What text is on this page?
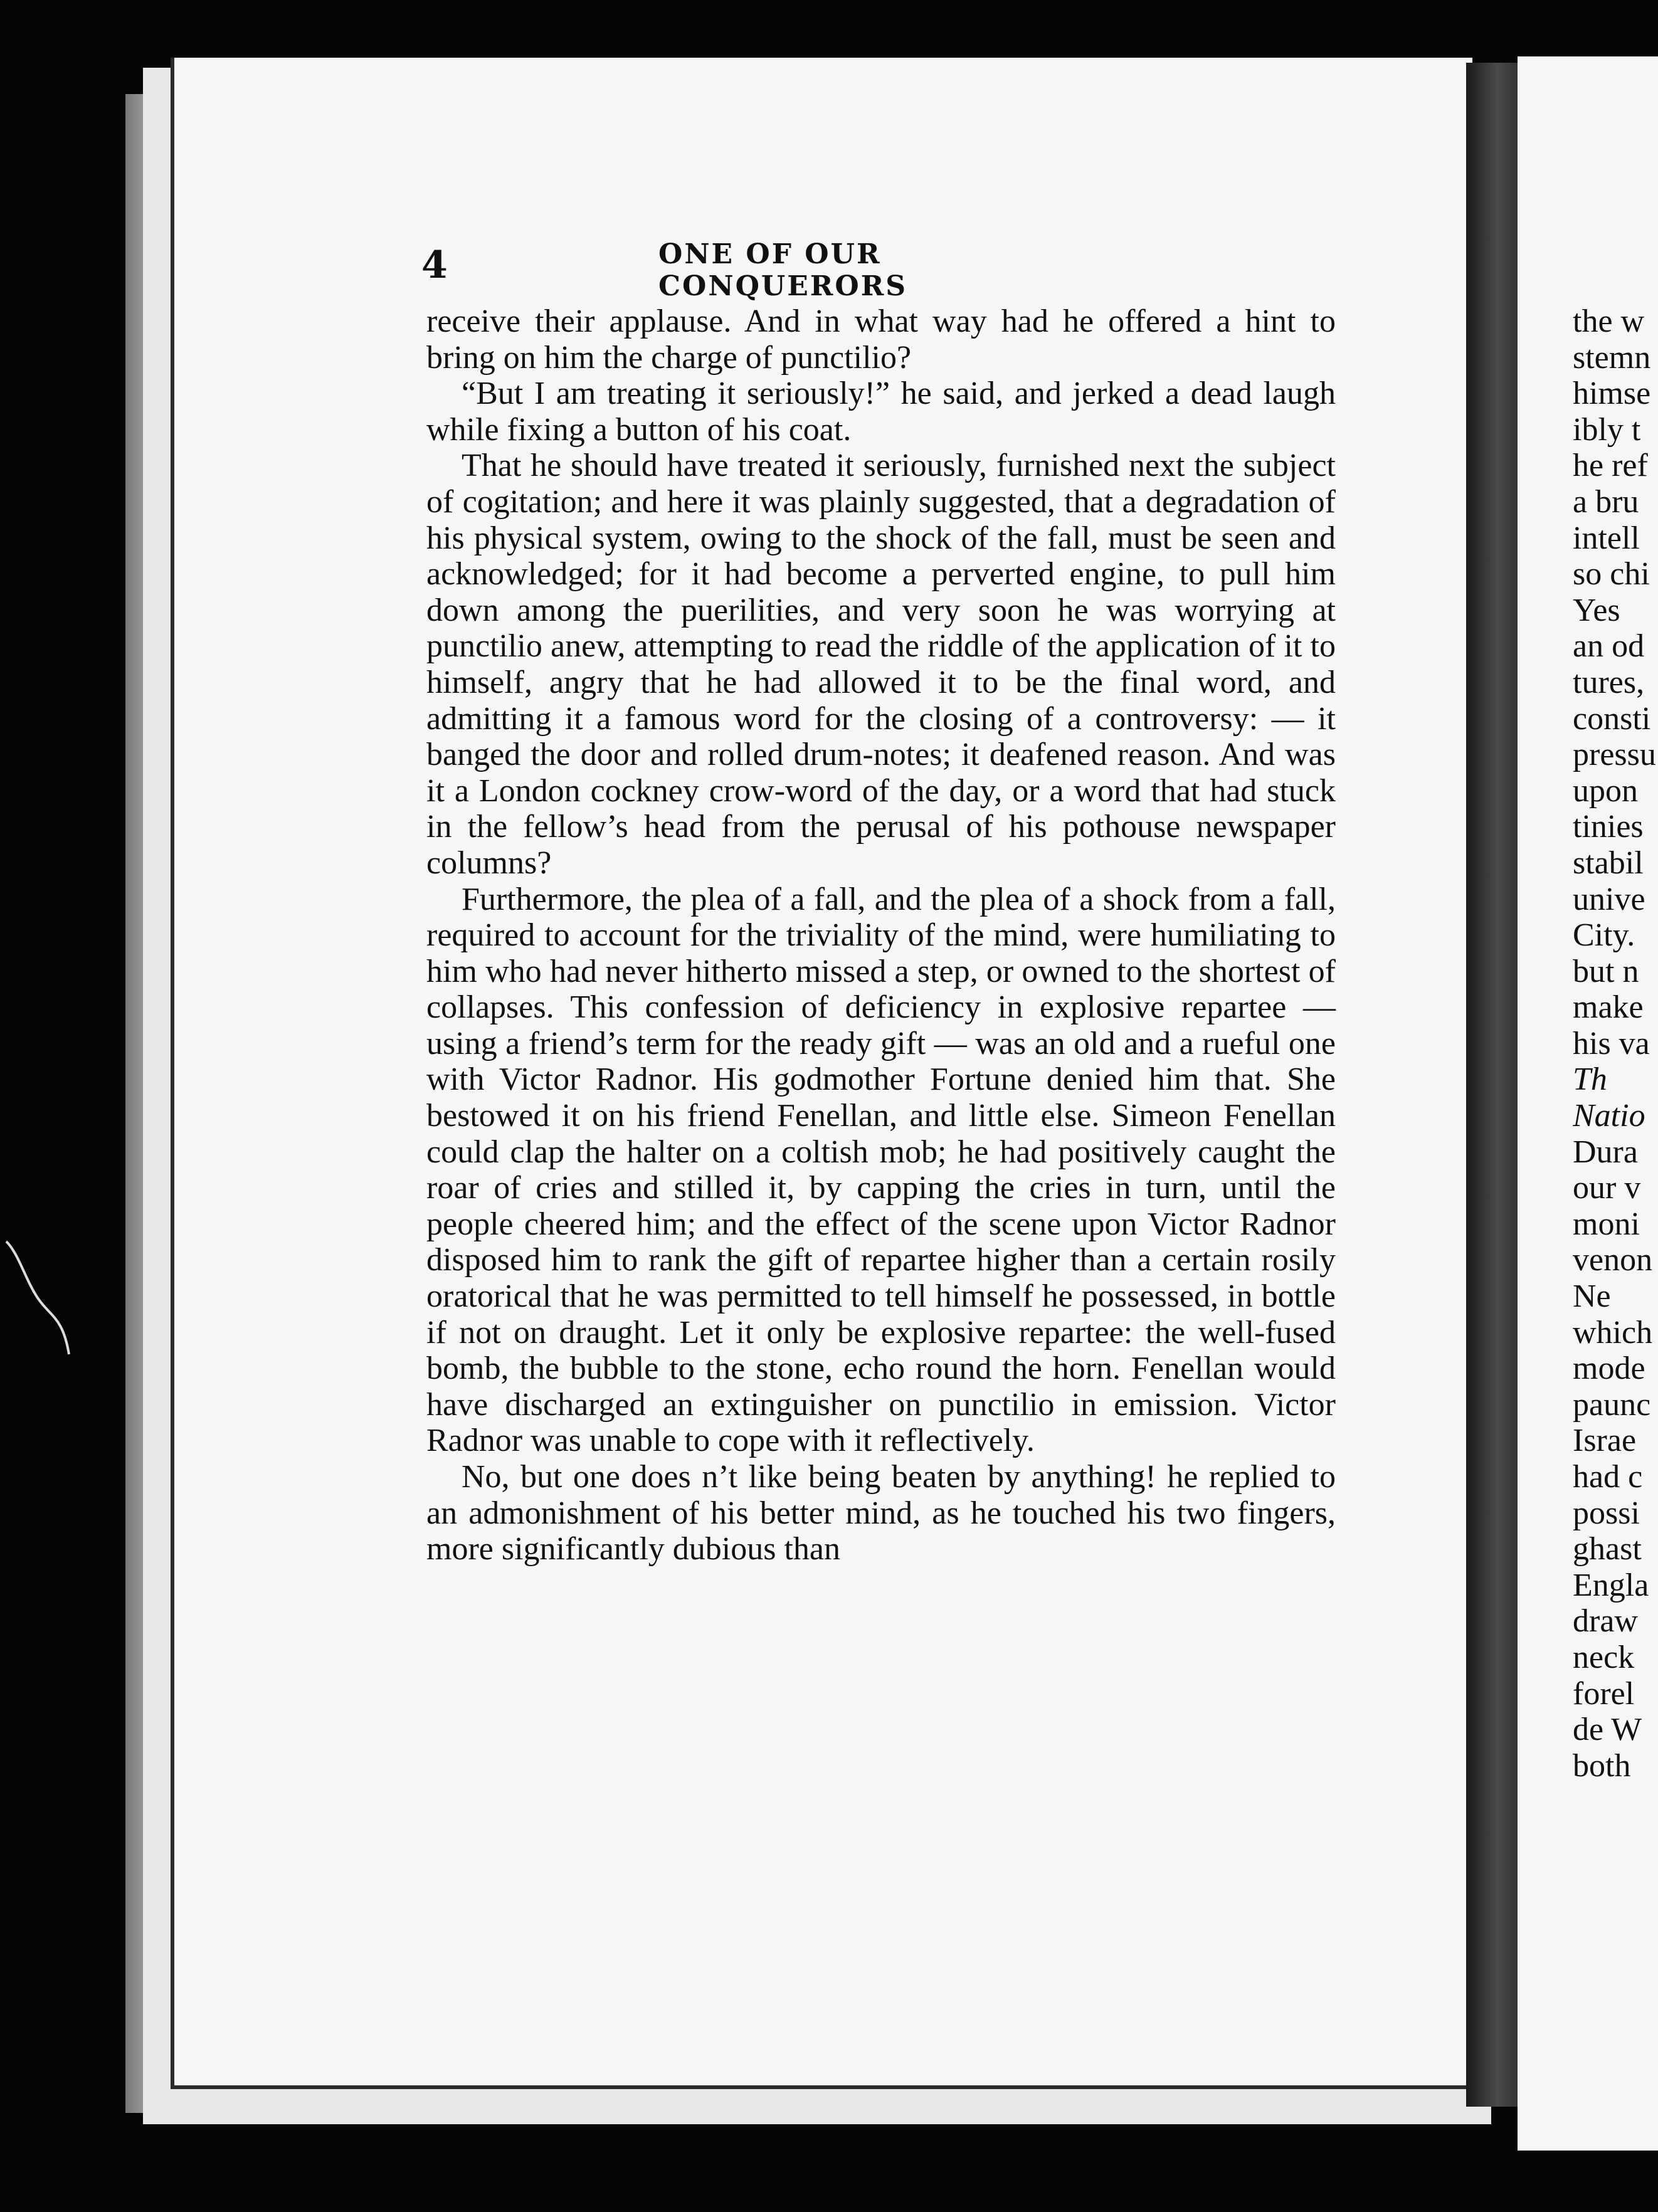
4	ONE OF OUR CONQUERORS

receive their applause. And in what way had he offered a hint to bring on him the charge of punctilio?

“But I am treating it seriously!” he said, and jerked a dead laugh while fixing a button of his coat.

That he should have treated it seriously, furnished next the subject of cogitation; and here it was plainly suggested, that a degradation of his physical system, owing to the shock of the fall, must be seen and acknowledged; for it had become a perverted engine, to pull him down among the puerilities, and very soon he was worrying at punctilio anew, attempting to read the riddle of the application of it to himself, angry that he had allowed it to be the final word, and admitting it a famous word for the closing of a controversy: — it banged the door and rolled drum-notes; it deafened reason. And was it a London cockney crow-word of the day, or a word that had stuck in the fellow’s head from the perusal of his pothouse newspaper columns?

Furthermore, the plea of a fall, and the plea of a shock from a fall, required to account for the triviality of the mind, were humiliating to him who had never hitherto missed a step, or owned to the shortest of collapses. This confession of deficiency in explosive repartee — using a friend’s term for the ready gift — was an old and a rueful one with Victor Radnor. His godmother Fortune denied him that. She bestowed it on his friend Fenellan, and little else. Simeon Fenellan could clap the halter on a coltish mob; he had positively caught the roar of cries and stilled it, by capping the cries in turn, until the people cheered him; and the effect of the scene upon Victor Radnor disposed him to rank the gift of repartee higher than a certain rosily oratorical that he was permitted to tell himself he possessed, in bottle if not on draught. Let it only be explosive repartee: the well-fused bomb, the bubble to the stone, echo round the horn. Fenellan would have discharged an extinguisher on punctilio in emission. Victor Radnor was unable to cope with it reflectively.

No, but one does n’t like being beaten by anything! he replied to an admonishment of his better mind, as he touched his two fingers, more significantly dubious than

the w
stemn
himse
ibly t
he ref
a bru
intell
so chi
Yes
an od
tures,
consti
pressu
upon
tinies
stabil
unive
City.
but n
make
his va
Th
Natio
Dura
our v
moni
venon
Ne
which
mode
paunc
Israe
had c
possi
ghast
Engla
draw
neck
forel
de W
both
